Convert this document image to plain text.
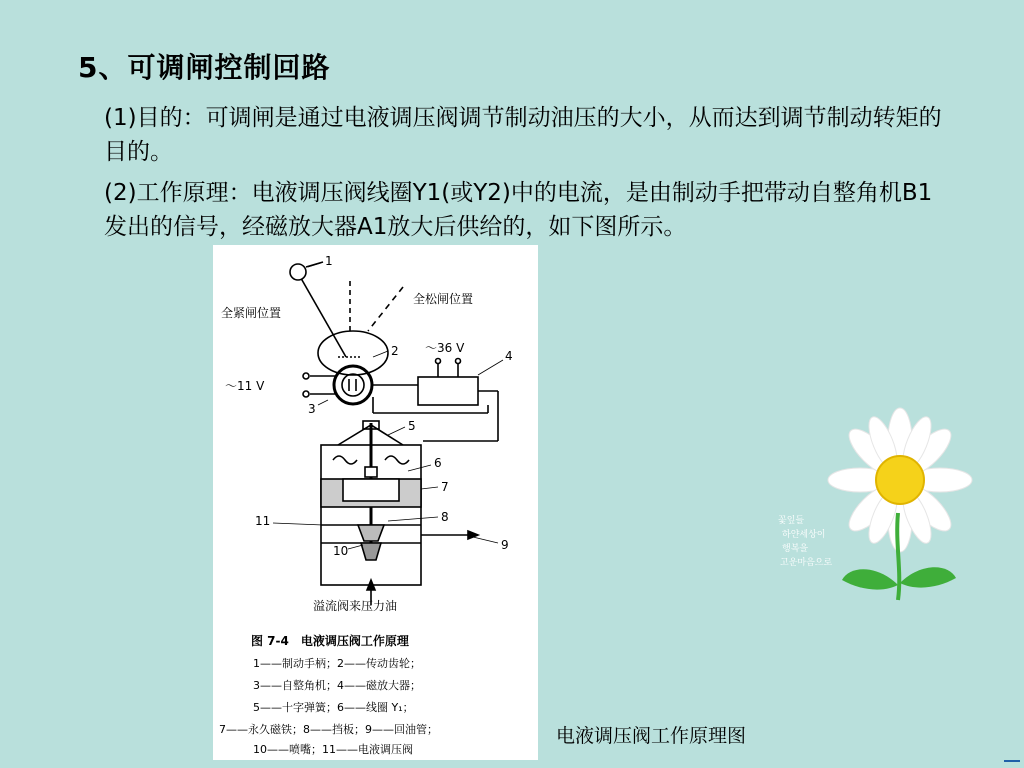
5、可调闸控制回路
(1)目的：可调闸是通过电液调压阀调节制动油压的大小，从而达到调节制动转矩的目的。
(2)工作原理：电液调压阀线圈Y1(或Y2)中的电流，是由制动手把带动自整角机B1发出的信号，经磁放大器A1放大后供给的，如下图所示。
1
2
3
4
5
6
7
8
9
10
11
全紧闸位置
全松闸位置
～36 V
～11 V
溢流阀来压力油
图 7-4　电液调压阀工作原理
1——制动手柄；2——传动齿轮；
3——自整角机；4——磁放大器；
5——十字弹簧；6——线圈 Y₁；
7——永久磁铁；8——挡板；9——回油管；
10——喷嘴；11——电液调压阀
电液调压阀工作原理图
꽃잎들
하얀세상이
행복을
고운마음으로
